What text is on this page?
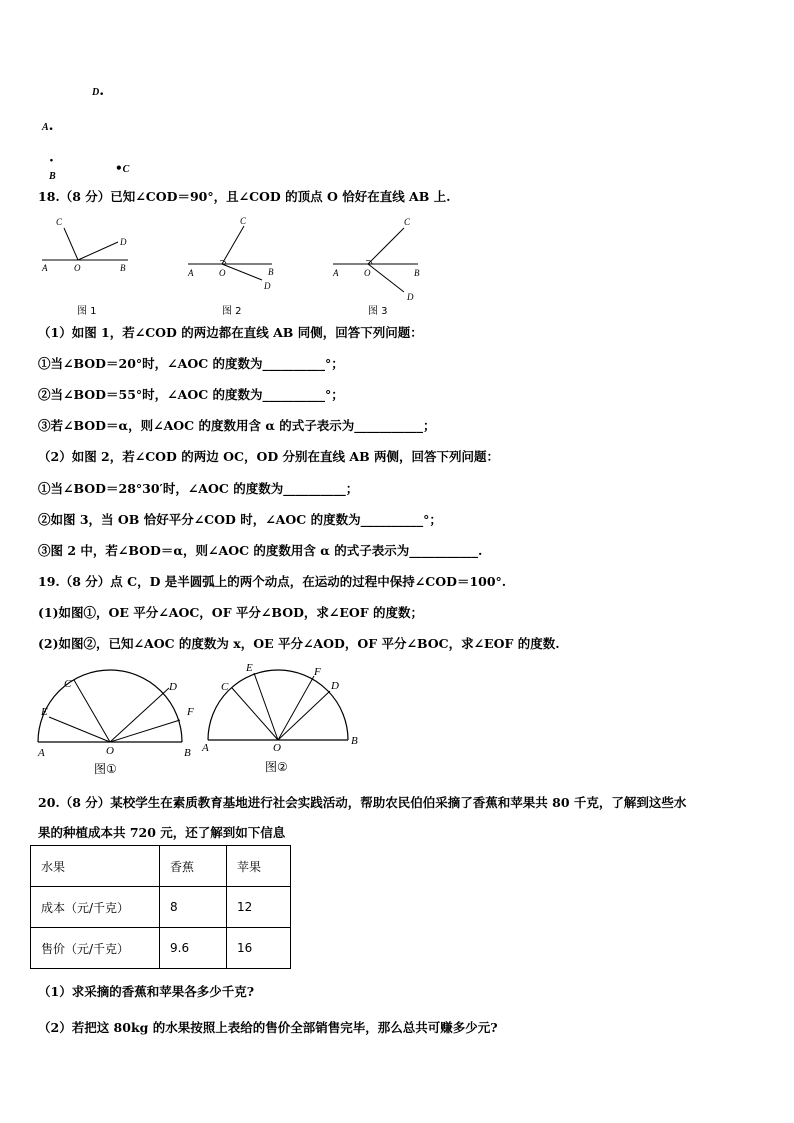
D.
A.
·
B
•C
18.（8 分）已知∠COD＝90°，且∠COD 的顶点 O 恰好在直线 AB 上.
C
D
A	O	B
C
A	O	B
D
C
A	O	B
D
图 1	图 2	图 3
（1）如图 1，若∠COD 的两边都在直线 AB 同侧，回答下列问题：
①当∠BOD＝20°时，∠AOC 的度数为__________°；
②当∠BOD＝55°时，∠AOC 的度数为__________°；
③若∠BOD＝α，则∠AOC 的度数用含 α 的式子表示为___________；
（2）如图 2，若∠COD 的两边 OC，OD 分别在直线 AB 两侧，回答下列问题：
①当∠BOD＝28°30′时，∠AOC 的度数为__________；
②如图 3，当 OB 恰好平分∠COD 时，∠AOC 的度数为__________°；
③图 2 中，若∠BOD＝α，则∠AOC 的度数用含 α 的式子表示为___________.
19.（8 分）点 C，D 是半圆弧上的两个动点，在运动的过程中保持∠COD＝100°.
(1)如图①，OE 平分∠AOC，OF 平分∠BOD，求∠EOF 的度数；
(2)如图②，已知∠AOC 的度数为 x，OE 平分∠AOD，OF 平分∠BOC，求∠EOF 的度数.
C	D
E	F
A	O	B
C
E	F
D
A	O
B
图①	图②
20.（8 分）某校学生在素质教育基地进行社会实践活动，帮助农民伯伯采摘了香蕉和苹果共 80 千克，了解到这些水
果的种植成本共 720 元，还了解到如下信息
水果	香蕉	苹果
成本（元/千克）	8	12
售价（元/千克）	9.6	16
（1）求采摘的香蕉和苹果各多少千克?
（2）若把这 80kg 的水果按照上表给的售价全部销售完毕，那么总共可赚多少元?
